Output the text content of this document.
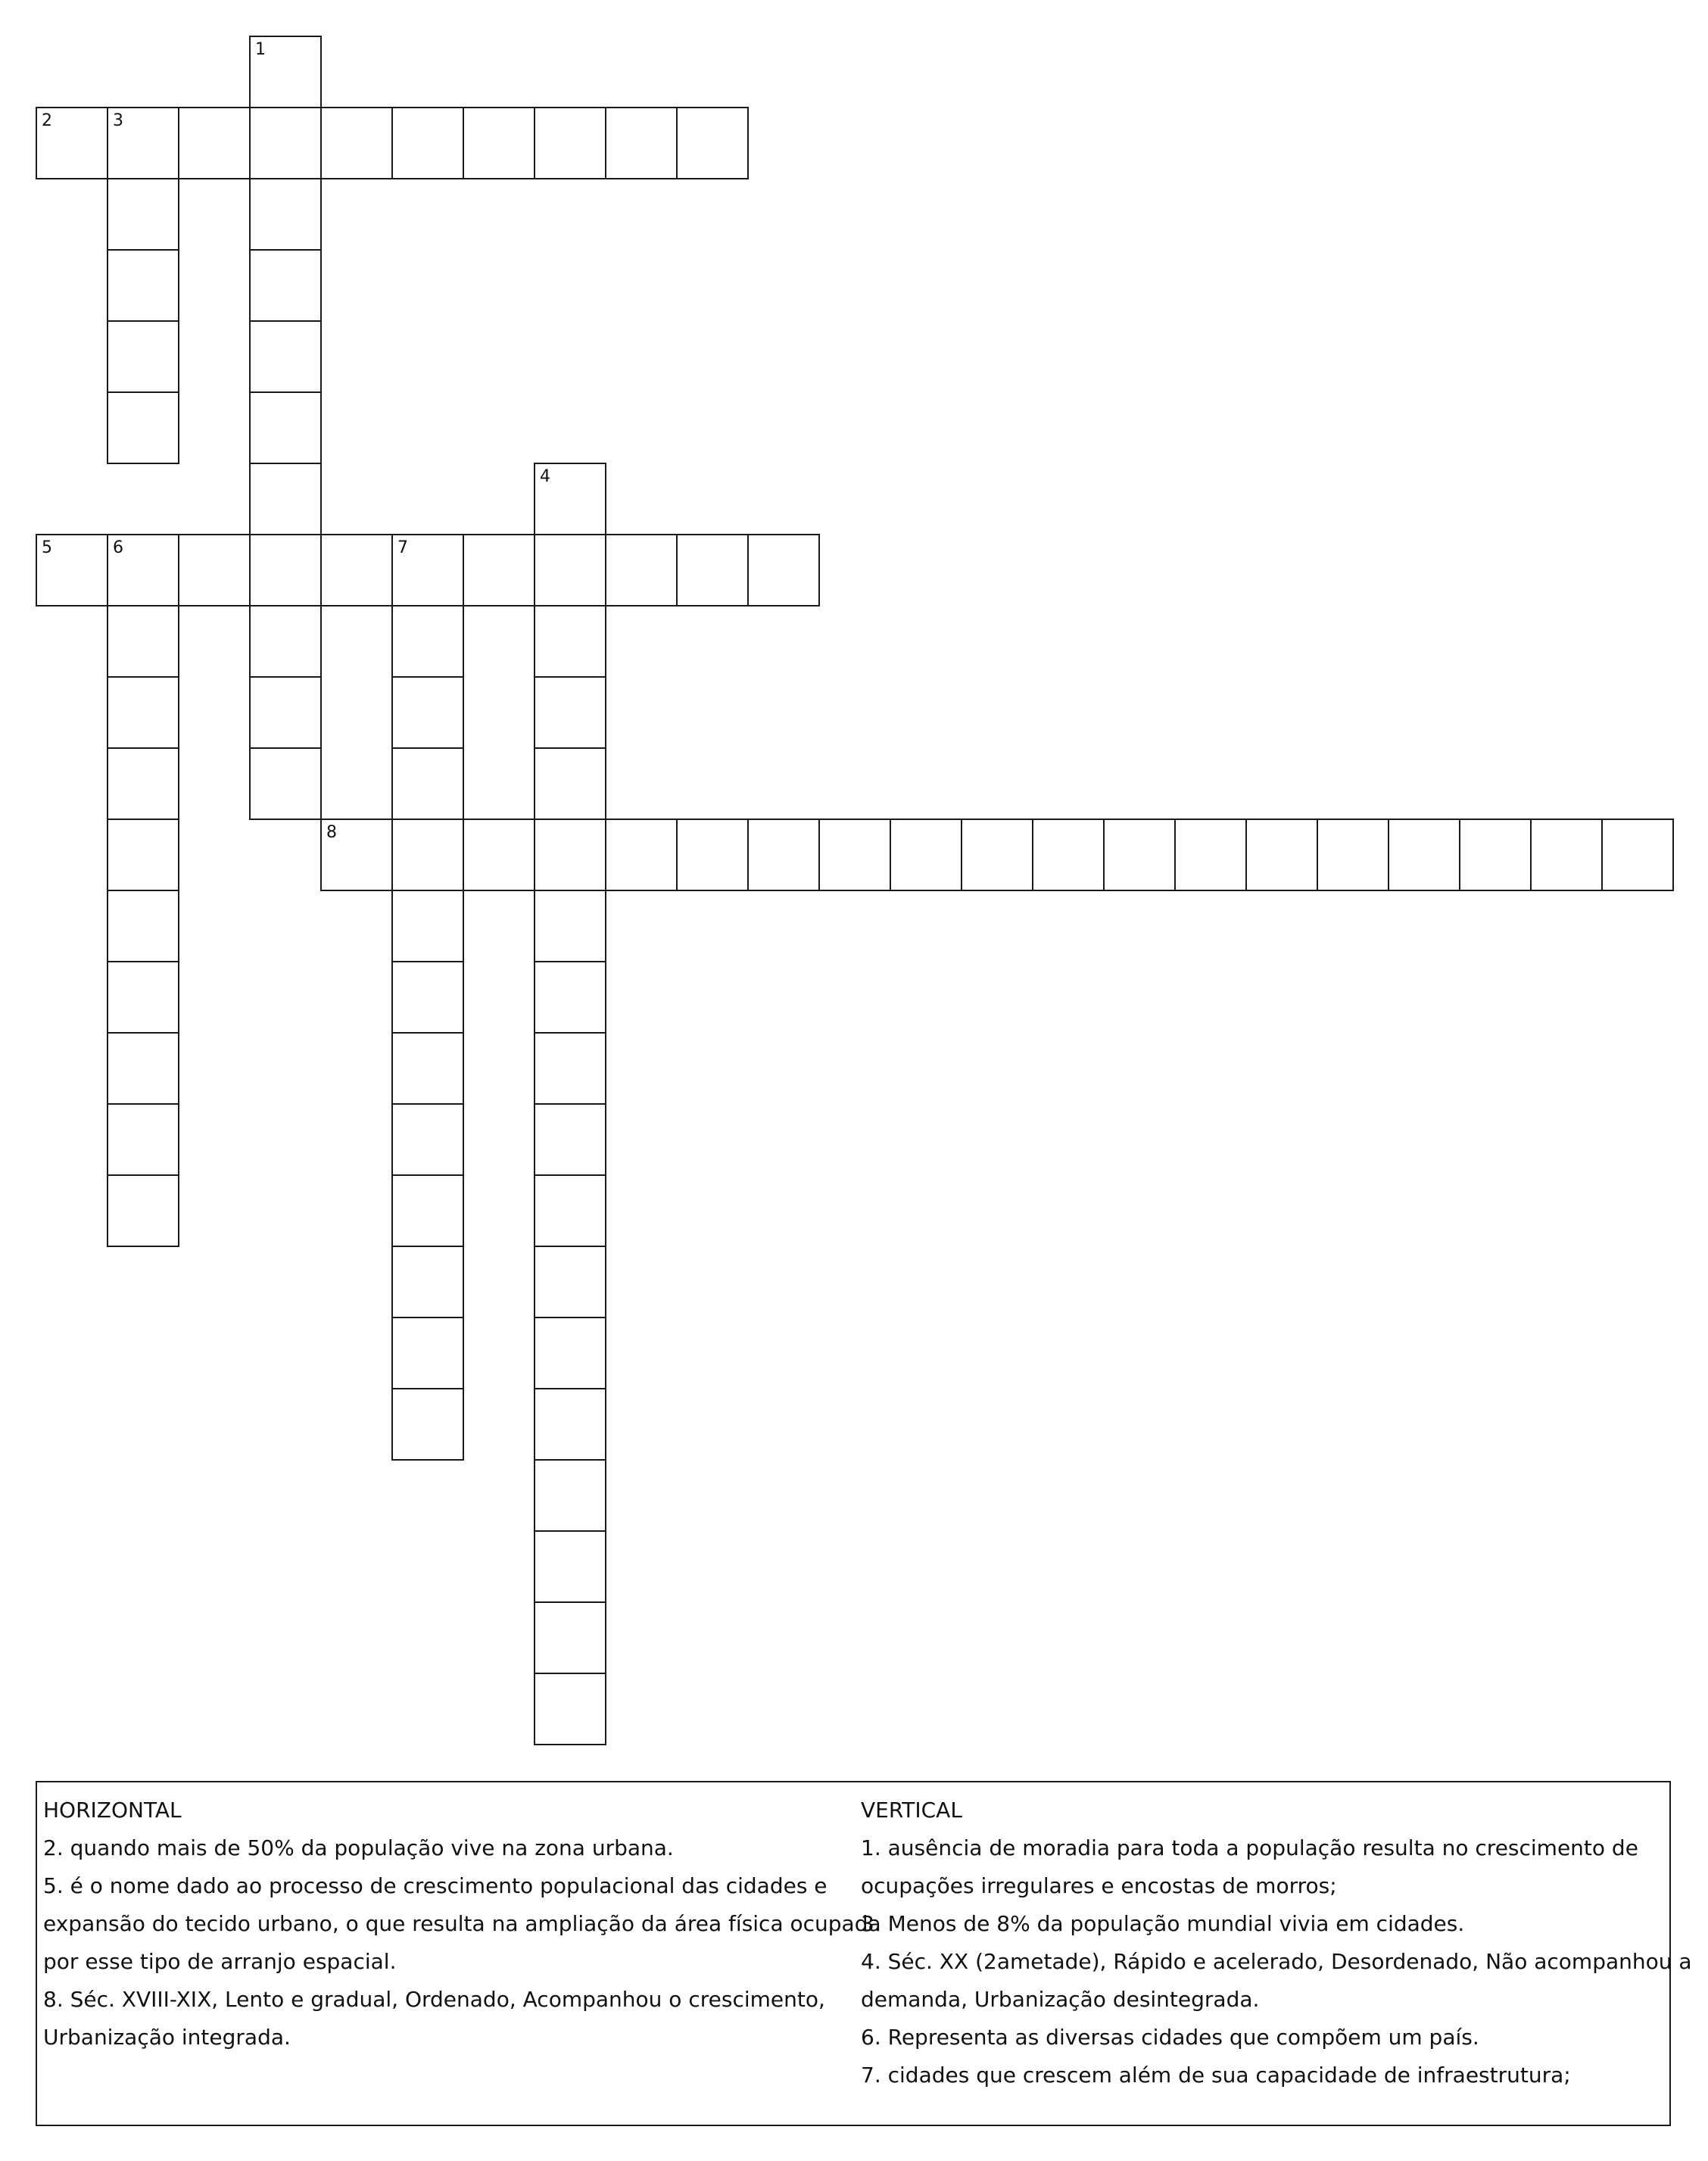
1
2	3
4
5	6	7
8
HORIZONTAL
2. quando mais de 50% da população vive na zona urbana.
5. é o nome dado ao processo de crescimento populacional das cidades e
expansão do tecido urbano, o que resulta na ampliação da área física ocupada
por esse tipo de arranjo espacial.
8. Séc. XVIII-XIX, Lento e gradual, Ordenado, Acompanhou o crescimento,
Urbanização integrada.
VERTICAL
1. ausência de moradia para toda a população resulta no crescimento de
ocupações irregulares e encostas de morros;
3. Menos de 8% da população mundial vivia em cidades.
4. Séc. XX (2ametade), Rápido e acelerado, Desordenado, Não acompanhou a
demanda, Urbanização desintegrada.
6. Representa as diversas cidades que compõem um país.
7. cidades que crescem além de sua capacidade de infraestrutura;
